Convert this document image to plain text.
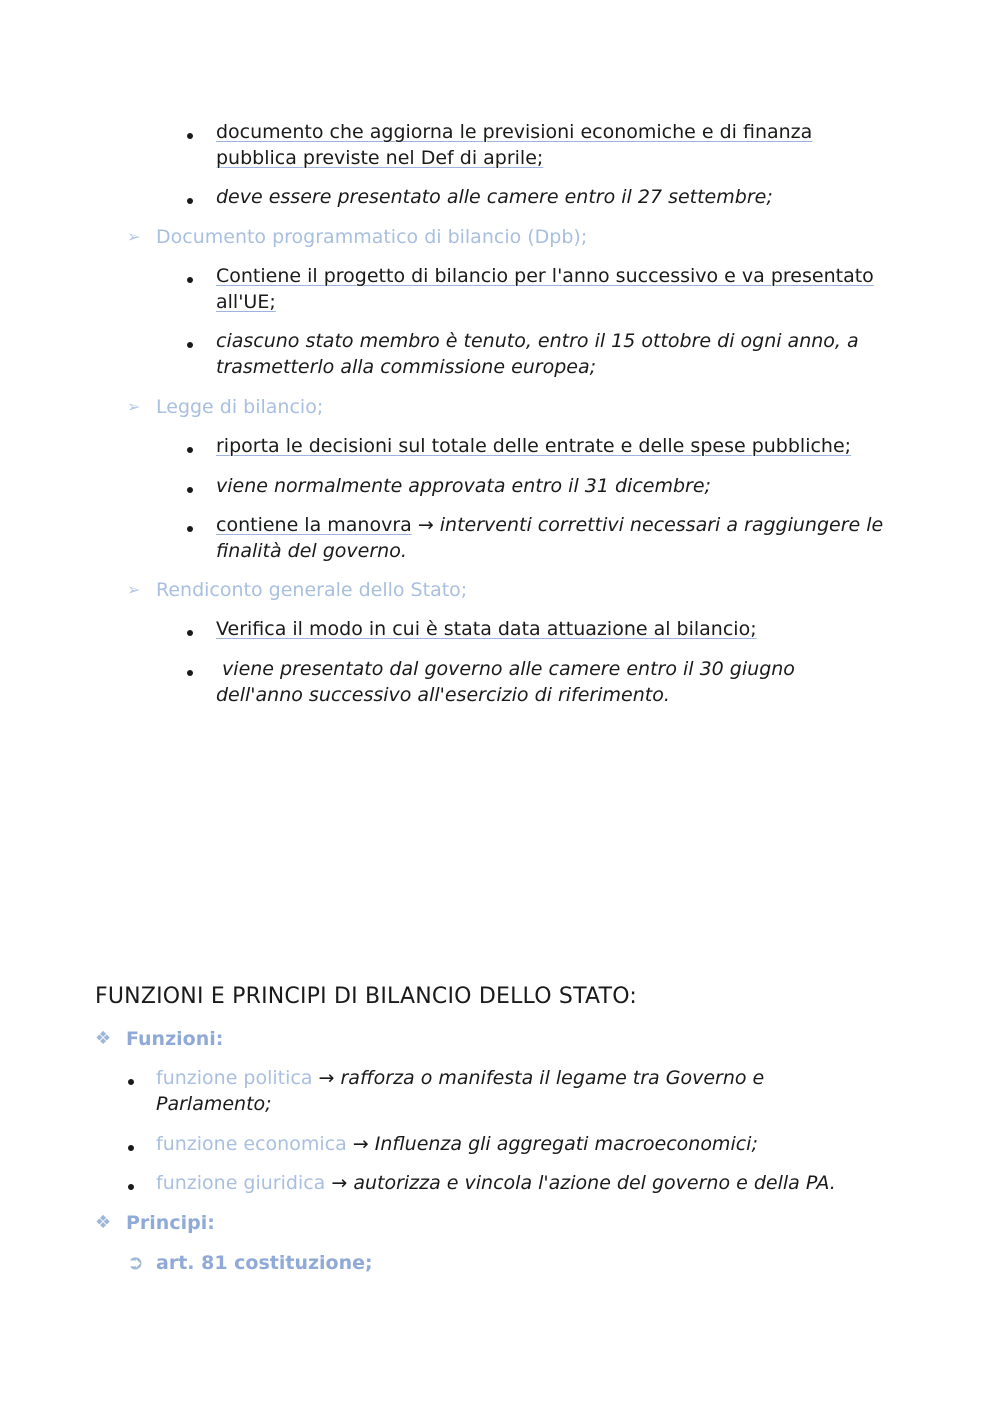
documento che aggiorna le previsioni economiche e di finanza
pubblica previste nel Def di aprile;
deve essere presentato alle camere entro il 27 settembre;
➢ Documento programmatico di bilancio (Dpb);
Contiene il progetto di bilancio per l'anno successivo e va presentato
all'UE;
ciascuno stato membro è tenuto, entro il 15 ottobre di ogni anno, a
trasmetterlo alla commissione europea;
➢ Legge di bilancio;
riporta le decisioni sul totale delle entrate e delle spese pubbliche;
viene normalmente approvata entro il 31 dicembre;
contiene la manovra → interventi correttivi necessari a raggiungere le
finalità del governo.
➢ Rendiconto generale dello Stato;
Verifica il modo in cui è stata data attuazione al bilancio;
viene presentato dal governo alle camere entro il 30 giugno
dell'anno successivo all'esercizio di riferimento.
FUNZIONI E PRINCIPI DI BILANCIO DELLO STATO:
❖ Funzioni:
funzione politica → rafforza o manifesta il legame tra Governo e
Parlamento;
funzione economica → Influenza gli aggregati macroeconomici;
funzione giuridica → autorizza e vincola l'azione del governo e della PA.
❖ Principi:
➲ art. 81 costituzione;
